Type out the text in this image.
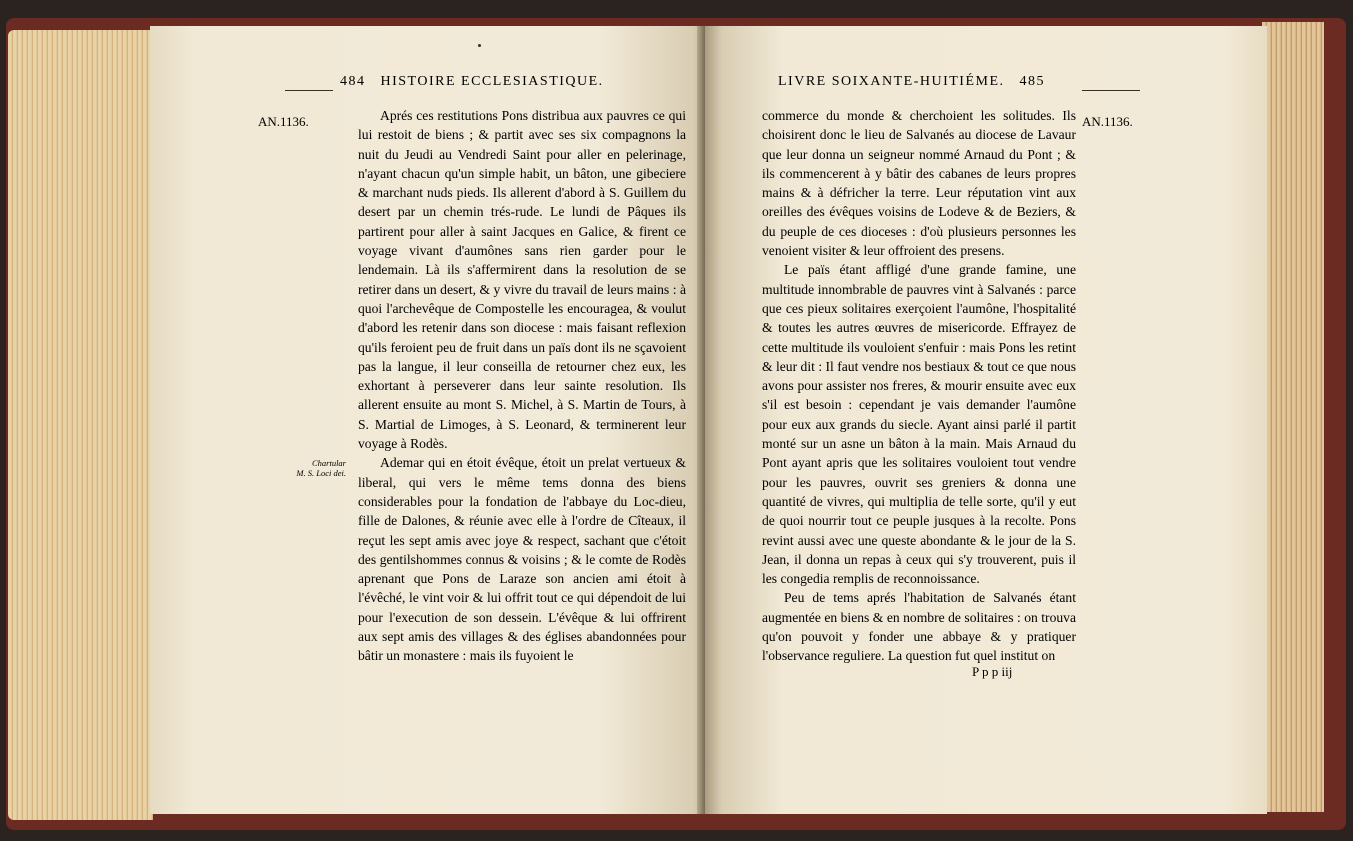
484 HISTOIRE ECCLESIASTIQUE.
AN.1136.
Chartular
M. S. Loci dei.

Aprés ces restitutions Pons distribua aux pauvres ce qui lui restoit de biens ; & partit avec ses six compagnons la nuit du Jeudi au Vendredi Saint pour aller en pelerinage, n'ayant chacun qu'un simple habit, un bâton, une gibeciere & marchant nuds pieds. Ils allerent d'abord à S. Guillem du desert par un chemin trés-rude. Le lundi de Pâques ils partirent pour aller à saint Jacques en Galice, & firent ce voyage vivant d'aumônes sans rien garder pour le lendemain. Là ils s'affermirent dans la resolution de se retirer dans un desert, & y vivre du travail de leurs mains : à quoi l'archevêque de Compostelle les encouragea, & voulut d'abord les retenir dans son diocese : mais faisant reflexion qu'ils feroient peu de fruit dans un païs dont ils ne sçavoient pas la langue, il leur conseilla de retourner chez eux, les exhortant à perseverer dans leur sainte resolution. Ils allerent ensuite au mont S. Michel, à S. Martin de Tours, à S. Martial de Limoges, à S. Leonard, & terminerent leur voyage à Rodès.

Ademar qui en étoit évêque, étoit un prelat vertueux & liberal, qui vers le même tems donna des biens considerables pour la fondation de l'abbaye du Loc-dieu, fille de Dalones, & réunie avec elle à l'ordre de Cîteaux, il reçut les sept amis avec joye & respect, sachant que c'étoit des gentilshommes connus & voisins ; & le comte de Rodès aprenant que Pons de Laraze son ancien ami étoit à l'évêché, le vint voir & lui offrit tout ce qui dépendoit de lui pour l'execution de son dessein. L'évêque & lui offrirent aux sept amis des villages & des églises abandonnées pour bâtir un monastere : mais ils fuyoient le

LIVRE SOIXANTE-HUITIÉME. 485
AN.1136.

commerce du monde & cherchoient les solitudes. Ils choisirent donc le lieu de Salvanés au diocese de Lavaur que leur donna un seigneur nommé Arnaud du Pont ; & ils commencerent à y bâtir des cabanes de leurs propres mains & à défricher la terre. Leur réputation vint aux oreilles des évêques voisins de Lodeve & de Beziers, & du peuple de ces dioceses : d'où plusieurs personnes les venoient visiter & leur offroient des presens.

Le païs étant affligé d'une grande famine, une multitude innombrable de pauvres vint à Salvanés : parce que ces pieux solitaires exerçoient l'aumône, l'hospitalité & toutes les autres œuvres de misericorde. Effrayez de cette multitude ils vouloient s'enfuir : mais Pons les retint & leur dit : Il faut vendre nos bestiaux & tout ce que nous avons pour assister nos freres, & mourir ensuite avec eux s'il est besoin : cependant je vais demander l'aumône pour eux aux grands du siecle. Ayant ainsi parlé il partit monté sur un asne un bâton à la main. Mais Arnaud du Pont ayant apris que les solitaires vouloient tout vendre pour les pauvres, ouvrit ses greniers & donna une quantité de vivres, qui multiplia de telle sorte, qu'il y eut de quoi nourrir tout ce peuple jusques à la recolte. Pons revint aussi avec une queste abondante & le jour de la S. Jean, il donna un repas à ceux qui s'y trouverent, puis il les congedia remplis de reconnoissance.

Peu de tems aprés l'habitation de Salvanés étant augmentée en biens & en nombre de solitaires : on trouva qu'on pouvoit y fonder une abbaye & y pratiquer l'observance reguliere. La question fut quel institut on

P p p iij
